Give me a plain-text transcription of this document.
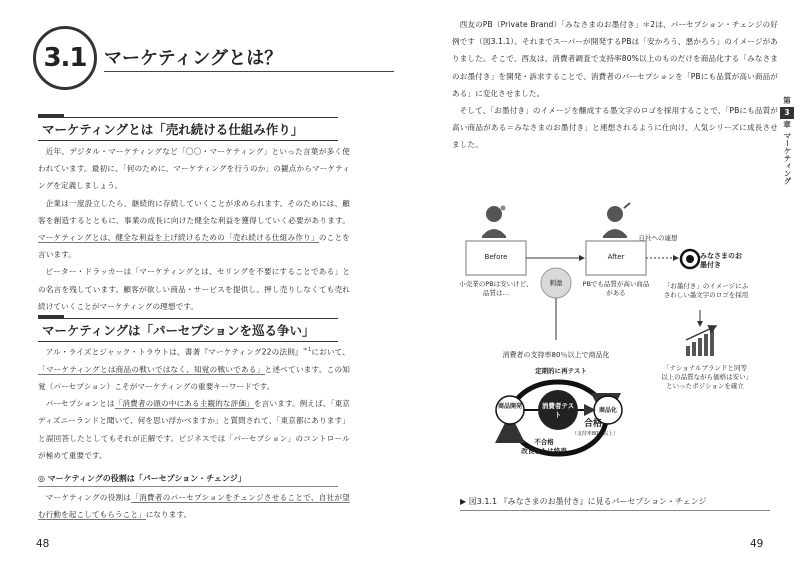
3.1 マーケティングとは？
マーケティングとは「売れ続ける仕組み作り」

近年、デジタル・マーケティングなど「〇〇・マーケティング」といった言葉が多く使われています。最初に、「何のために、マーケティングを行うのか」の観点からマーケティングを定義しましょう。

企業は一度設立したら、継続的に存続していくことが求められます。そのためには、顧客を創造するとともに、事業の成長に向けた健全な利益を獲得していく必要があります。マーケティングとは、健全な利益を上げ続けるための「売れ続ける仕組み作り」のことを言います。

ピーター・ドラッカーは「マーケティングとは、セリングを不要にすることである」との名言を残しています。顧客が欲しい商品・サービスを提供し、押し売りしなくても売れ続けていくことがマーケティングの理想です。

マーケティングは「パーセプションを巡る争い」

アル・ライズとジャック・トラウトは、書著『マーケティング22の法則』$^{*1}$において、「マーケティングとは商品の戦いではなく、知覚の戦いである」と述べています。この知覚（パーセプション）こそがマーケティングの重要キーワードです。

パーセプションとは「消費者の頭の中にある主観的な評価」を言います。例えば、「東京ディズニーランドと聞いて、何を思い浮かべますか」と質問されて、「東京都にあります」と誤回答したとしてもそれが正解です。ビジネスでは「パーセプション」のコントロールが極めて重要です。

◎ マーケティングの役割は「パーセプション・チェンジ」

マーケティングの役割は「消費者のパーセプションをチェンジさせることで、自社が望む行動を起こしてもらうこと」になります。

48

西友のPB（Private Brand）「みなさまのお墨付き」＊2は、パーセプション・チェンジの好例です（図3.1.1）。それまでスーパーが開発するPBは「安かろう、悪かろう」のイメージがありました。そこで、西友は、消費者調査で支持率80%以上のものだけを商品化する「みなさまのお墨付き」を開発・訴求することで、消費者のパーセプションを「PBにも品質が高い商品がある」に変化させました。

そして、「お墨付き」のイメージを醸成する墨文字のロゴを採用することで、「PBにも品質が高い商品がある＝みなさまのお墨付き」と連想されるように仕向け、人気シリーズに成長させました。

第
3
章
マーケティング
Before	After
刺激
小売業のPBは安いけど、品質は…
PBでも品質が高い商品がある
自社への連想
みなさまのお墨付き
「お墨付き」のイメージにふさわしい墨文字のロゴを採用
消費者の支持率80％以上で商品化
定期的に再テスト
商品開発	消費者テスト
商品化
合格
（支持率80％以上）
不合格
改良または終売
「ナショナルブランドと同等以上の品質ながら価格は安い」といったポジションを確立
▶ 図3.1.1 『みなさまのお墨付き』に見るパーセプション・チェンジ
49
